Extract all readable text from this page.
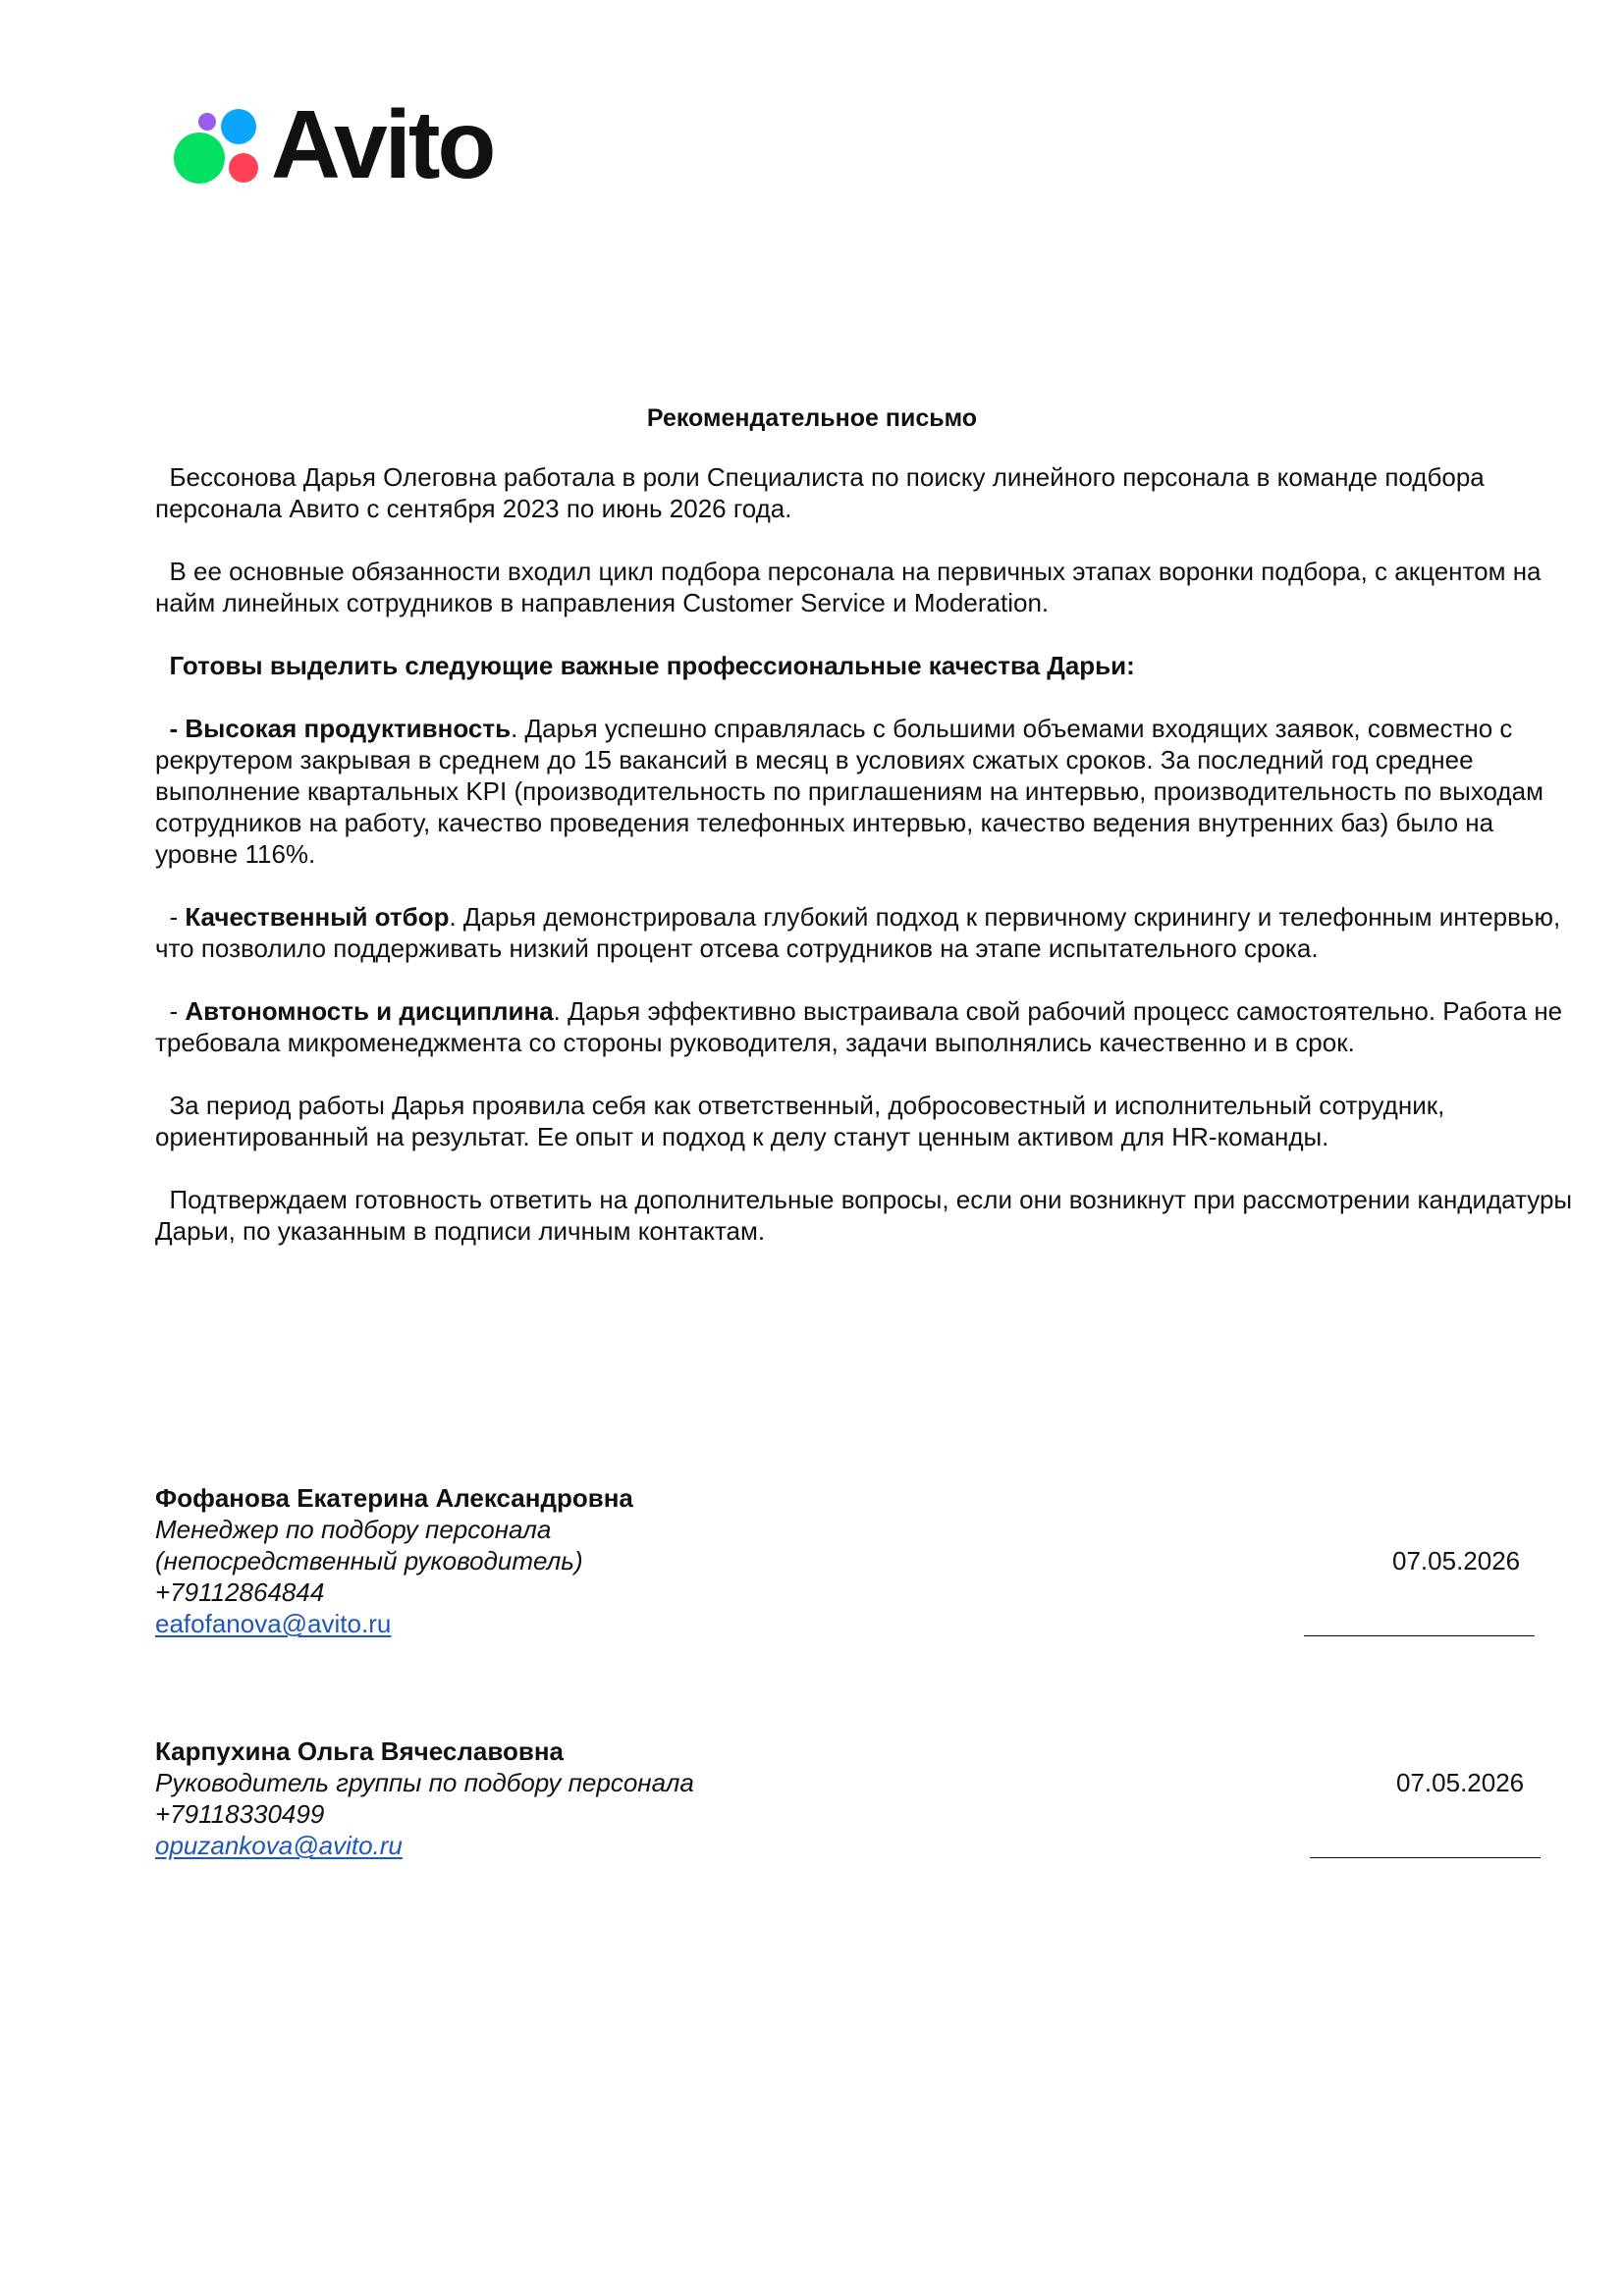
Avito
Рекомендательное письмо

Бессонова Дарья Олеговна работала в роли Специалиста по поиску линейного персонала в команде подбора персонала Авито с сентября 2023 по июнь 2026 года.

В ее основные обязанности входил цикл подбора персонала на первичных этапах воронки подбора, с акцентом на найм линейных сотрудников в направления Customer Service и Moderation.

Готовы выделить следующие важные профессиональные качества Дарьи:

- Высокая продуктивность. Дарья успешно справлялась с большими объемами входящих заявок, совместно с рекрутером закрывая в среднем до 15 вакансий в месяц в условиях сжатых сроков. За последний год среднее выполнение квартальных KPI (производительность по приглашениям на интервью, производительность по выходам сотрудников на работу, качество проведения телефонных интервью, качество ведения внутренних баз) было на уровне 116%.

- Качественный отбор. Дарья демонстрировала глубокий подход к первичному скринингу и телефонным интервью, что позволило поддерживать низкий процент отсева сотрудников на этапе испытательного срока.

- Автономность и дисциплина. Дарья эффективно выстраивала свой рабочий процесс самостоятельно. Работа не требовала микроменеджмента со стороны руководителя, задачи выполнялись качественно и в срок.

За период работы Дарья проявила себя как ответственный, добросовестный и исполнительный сотрудник, ориентированный на результат. Ее опыт и подход к делу станут ценным активом для HR-команды.

Подтверждаем готовность ответить на дополнительные вопросы, если они возникнут при рассмотрении кандидатуры Дарьи, по указанным в подписи личным контактам.

Фофанова Екатерина Александровна
Менеджер по подбору персонала
(непосредственный руководитель)
+79112864844
eafofanova@avito.ru
07.05.2026
Карпухина Ольга Вячеславовна
Руководитель группы по подбору персонала
+79118330499
opuzankova@avito.ru
07.05.2026
